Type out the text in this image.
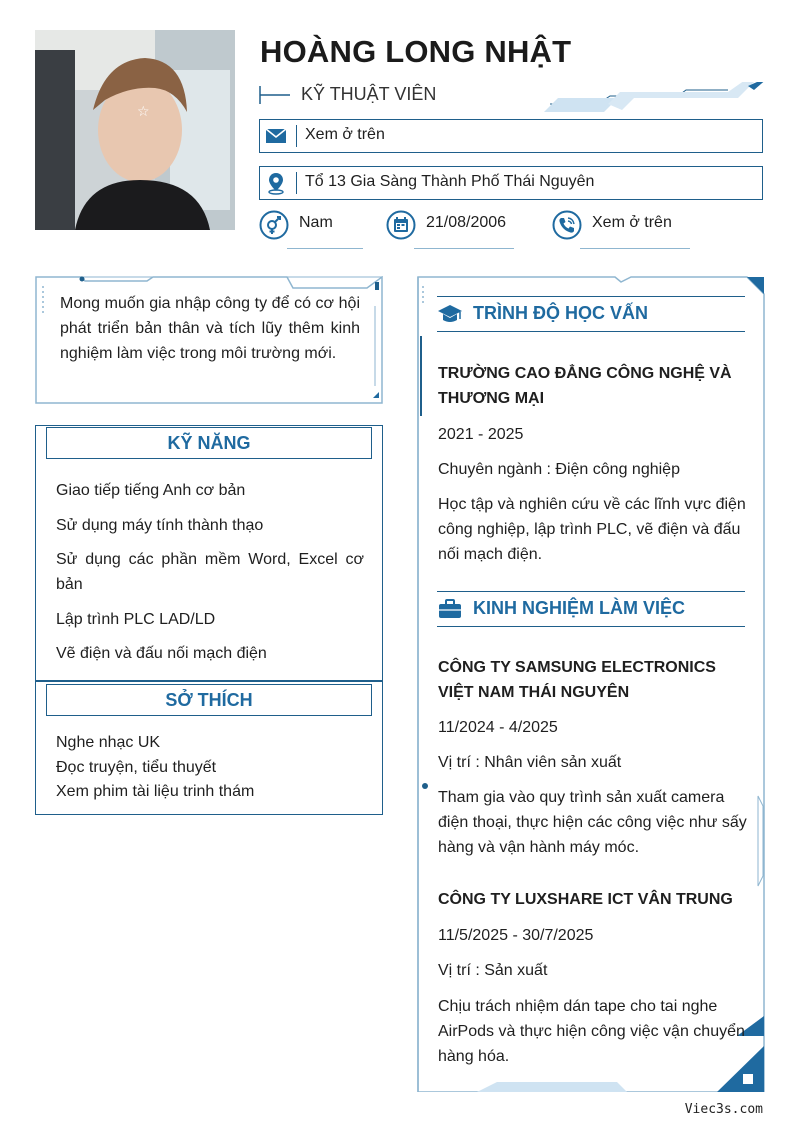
☆
HOÀNG LONG NHẬT
KỸ THUẬT VIÊN
Xem ở trên
Tổ 13 Gia Sàng Thành Phố Thái Nguyên
Nam	21/08/2006	Xem ở trên
Mong muốn gia nhập công ty để có cơ hội phát triển bản thân và tích lũy thêm kinh nghiệm làm việc trong môi trường mới.
KỸ NĂNG
Giao tiếp tiếng Anh cơ bản
Sử dụng máy tính thành thạo
Sử dụng các phần mềm Word, Excel cơ bản
Lập trình PLC LAD/LD
Vẽ điện và đấu nối mạch điện
SỞ THÍCH
Nghe nhạc UK
Đọc truyện, tiểu thuyết
Xem phim tài liệu trinh thám
TRÌNH ĐỘ HỌC VẤN
TRƯỜNG CAO ĐẲNG CÔNG NGHỆ VÀ THƯƠNG MẠI
2021 - 2025
Chuyên ngành : Điện công nghiệp
Học tập và nghiên cứu về các lĩnh vực điện công nghiệp, lập trình PLC, vẽ điện và đấu nối mạch điện.
KINH NGHIỆM LÀM VIỆC
CÔNG TY SAMSUNG ELECTRONICS VIỆT NAM THÁI NGUYÊN
11/2024 - 4/2025
Vị trí : Nhân viên sản xuất
Tham gia vào quy trình sản xuất camera điện thoại, thực hiện các công việc như sấy hàng và vận hành máy móc.
CÔNG TY LUXSHARE ICT VÂN TRUNG
11/5/2025 - 30/7/2025
Vị trí : Sản xuất
Chịu trách nhiệm dán tape cho tai nghe AirPods và thực hiện công việc vận chuyển hàng hóa.
Viec3s.com
